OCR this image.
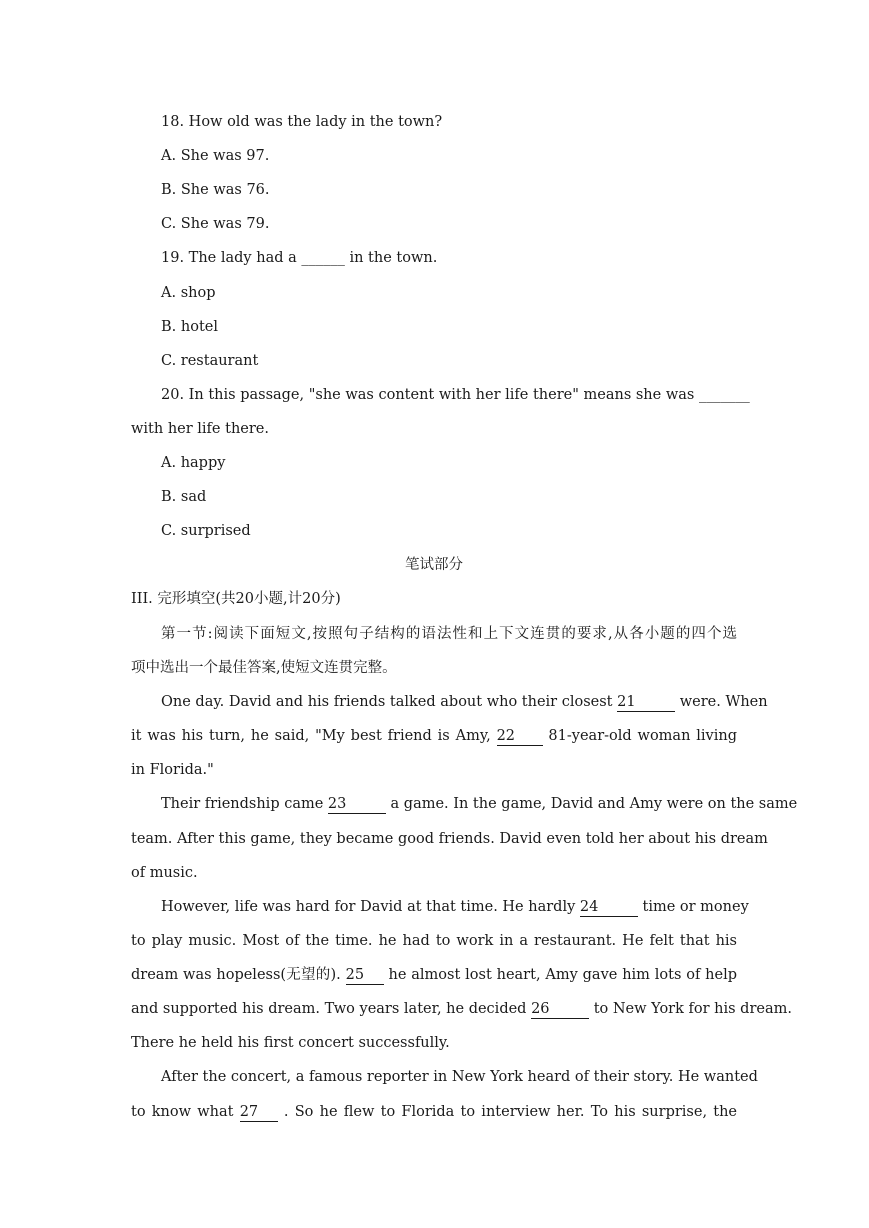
18. How old was the lady in the town?
A. She was 97.
B. She was 76.
C. She was 79.
19. The lady had a ______ in the town.
A. shop
B. hotel
C. restaurant
20. In this passage, "she was content with her life there" means she was _______
with her life there.
A. happy
B. sad
C. surprised
笔试部分
III. 完形填空(共20小题,计20分)
第一节:阅读下面短文,按照句子结构的语法性和上下文连贯的要求,从各小题的四个选
项中选出一个最佳答案,使短文连贯完整。
One day. David and his friends talked about who their closest 21	were. When
it was his turn, he said, "My best friend is Amy, 22 81-year-old woman living
in Florida."
Their friendship came 23	a game. In the game, David and Amy were on the same
team. After this game, they became good friends. David even told her about his dream
of music.
However, life was hard for David at that time. He hardly 24	time or money
to play music. Most of the time. he had to work in a restaurant. He felt that his
dream was hopeless(无望的). 25 he almost lost heart, Amy gave him lots of help
and supported his dream. Two years later, he decided 26	to New York for his dream.
There he held his first concert successfully.
After the concert, a famous reporter in New York heard of their story. He wanted
to know what 27 . So he flew to Florida to interview her. To his surprise, the
